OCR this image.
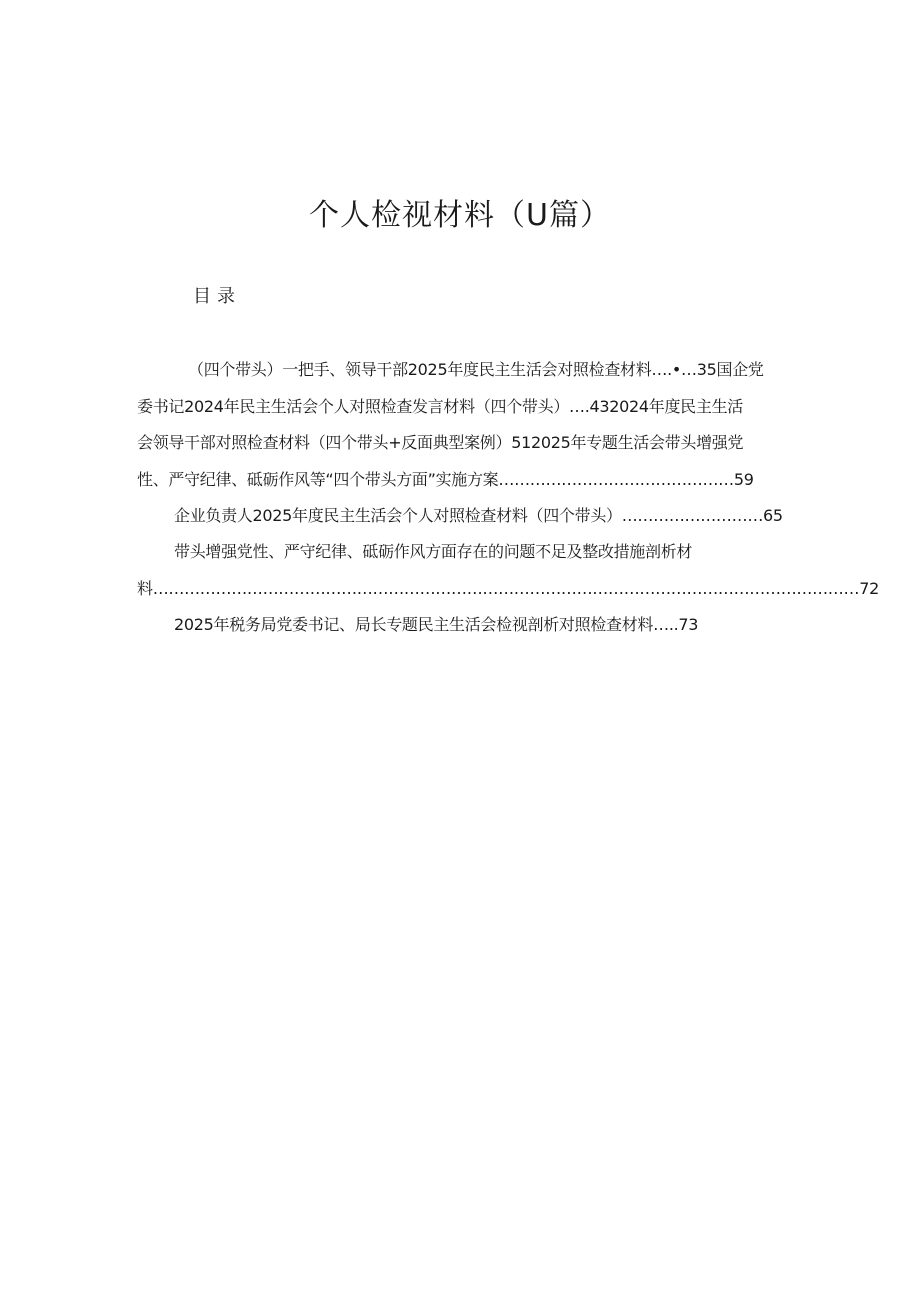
个人检视材料（U篇）
目录
（四个带头）一把手、领导干部2025年度民主生活会对照检查材料….•…35国企党
委书记2024年民主生活会个人对照检查发言材料（四个带头）….432024年度民主生活
会领导干部对照检查材料（四个带头+反面典型案例）512025年专题生活会带头增强党
性、严守纪律、砥砺作风等“四个带头方面”实施方案………………………………………59
企业负责人2025年度民主生活会个人对照检查材料（四个带头）………………………65
带头增强党性、严守纪律、砥砺作风方面存在的问题不足及整改措施剖析材
料………………………………………………………………………………………………………………………72
2025年税务局党委书记、局长专题民主生活会检视剖析对照检查材料…..73
